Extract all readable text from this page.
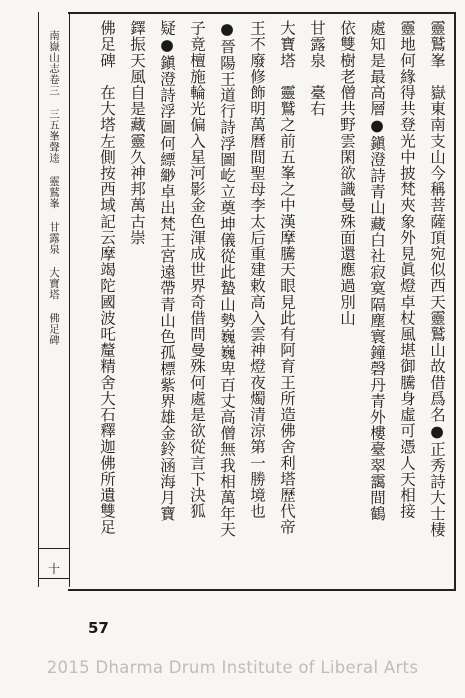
南嶽山志卷三 三五峯聲逵 靈鷲峯 甘露泉 大寶塔 佛足碑
十
靈鷲峯　嶽東南支山今稱菩薩頂宛似西天靈鷲山故借爲名●正秀詩大士棲
靈地何緣得共登光中披梵夾象外見眞燈卓杖風堪御騰身虛可憑人天相接
處知是最高層●鎭澄詩青山藏白社寂寞隔塵寰鐘磬丹青外樓臺翠靄間鶴
依雙樹老僧共野雲閑欲識曼殊面還應過別山
甘露泉　臺右
大寶塔　靈鷲之前五峯之中漢摩騰天眼見此有阿育王所造佛舍利塔歷代帝
王不廢修飾明萬曆間聖母李太后重建敕高入雲神燈夜燭清涼第一勝境也
●晉陽王道行詩浮圖屹立奠坤儀從此蟄山勢巍巍卑百丈高僧無我相萬年天
子竟檀施輪光偏入星河影金色渾成世界奇借問曼殊何處是欲從言下決狐
疑●鎭澄詩浮圖何縹緲卓出梵王宮遠帶青山色孤標紫界雄金鈴涵海月寶
鐸振天風自是藏靈久神邦萬古崇
佛足碑　在大塔左側按西域記云摩竭陀國波吒釐精舍大石釋迦佛所遺雙足
57
2015 Dharma Drum Institute of Liberal Arts
